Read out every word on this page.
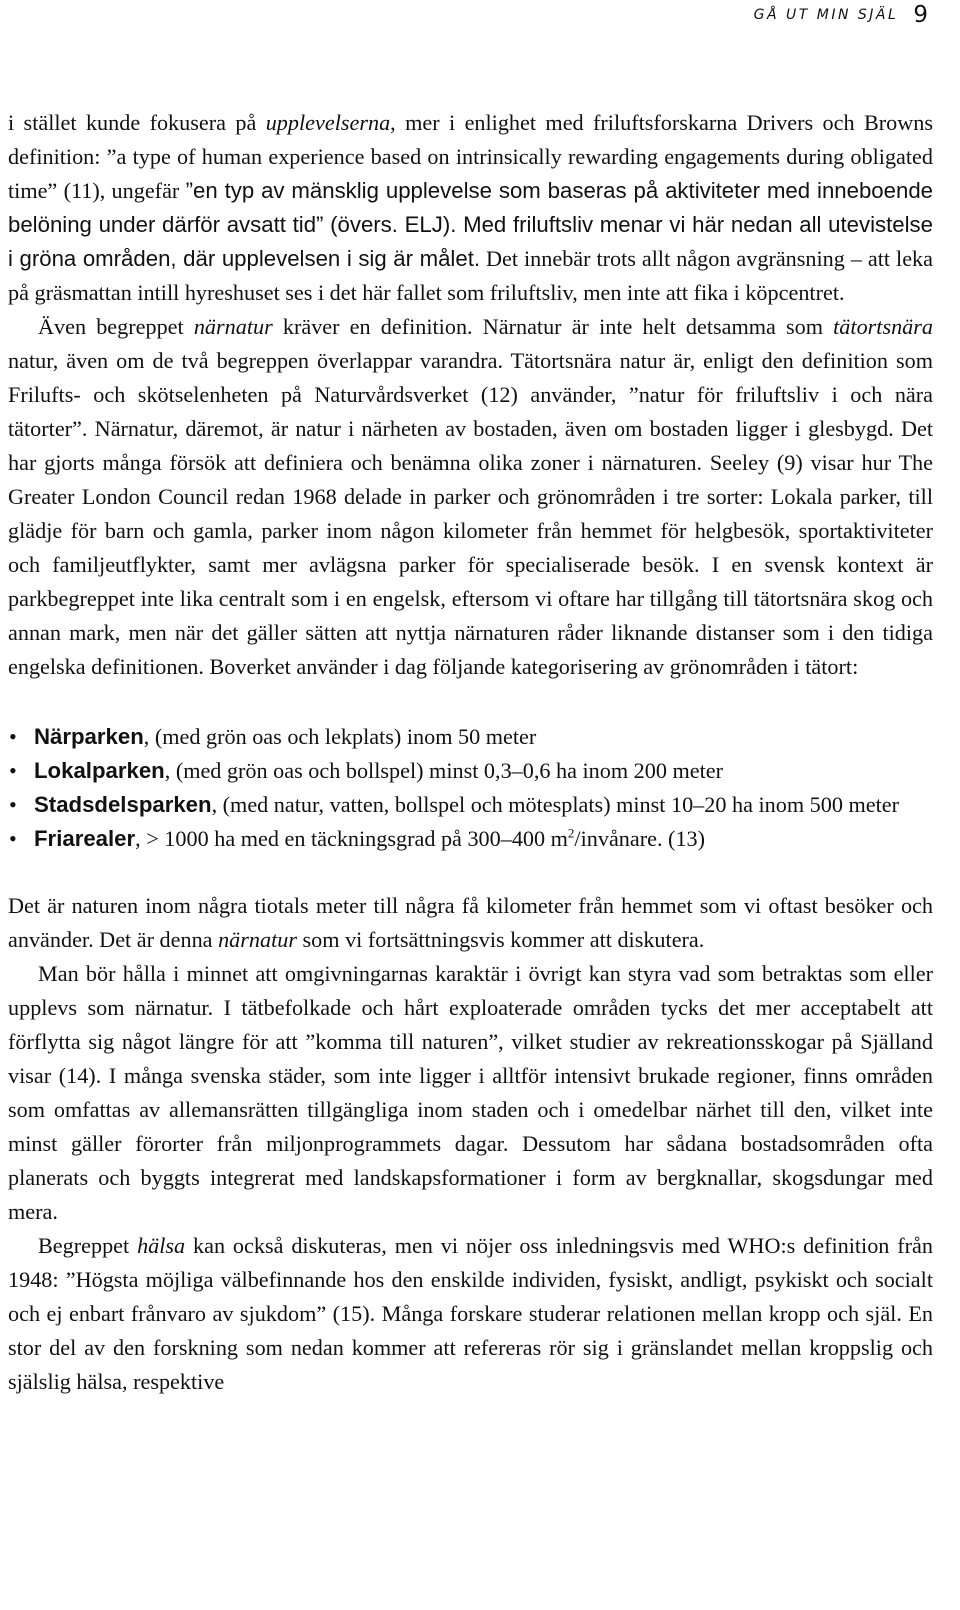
GÅ UT MIN SJÄL 9

i stället kunde fokusera på upplevelserna, mer i enlighet med friluftsforskarna Drivers och Browns definition: ”a type of human experience based on intrinsically rewarding engagements during obligated time” (11), ungefär ”en typ av mänsklig upplevelse som baseras på aktiviteter med inneboende belöning under därför avsatt tid” (övers. ELJ). Med friluftsliv menar vi här nedan all utevistelse i gröna områden, där upplevelsen i sig är målet. Det innebär trots allt någon avgränsning – att leka på gräsmattan intill hyreshuset ses i det här fallet som friluftsliv, men inte att fika i köpcentret.

Även begreppet närnatur kräver en definition. Närnatur är inte helt detsamma som tätortsnära natur, även om de två begreppen överlappar varandra. Tätortsnära natur är, enligt den definition som Frilufts- och skötselenheten på Naturvårdsverket (12) använder, ”natur för friluftsliv i och nära tätorter”. Närnatur, däremot, är natur i närheten av bostaden, även om bostaden ligger i glesbygd. Det har gjorts många försök att definiera och benämna olika zoner i närnaturen. Seeley (9) visar hur The Greater London Council redan 1968 delade in parker och grönområden i tre sorter: Lokala parker, till glädje för barn och gamla, parker inom någon kilometer från hemmet för helgbesök, sportaktiviteter och familjeutflykter, samt mer avlägsna parker för specialiserade besök. I en svensk kontext är parkbegreppet inte lika centralt som i en engelsk, eftersom vi oftare har tillgång till tätortsnära skog och annan mark, men när det gäller sätten att nyttja närnaturen råder liknande distanser som i den tidiga engelska definitionen. Boverket använder i dag följande kategorisering av grönområden i tätort:

• Närparken, (med grön oas och lekplats) inom 50 meter
• Lokalparken, (med grön oas och bollspel) minst 0,3–0,6 ha inom 200 meter
• Stadsdelsparken, (med natur, vatten, bollspel och mötesplats) minst 10–20 ha inom 500 meter
• Friarealer, > 1000 ha med en täckningsgrad på 300–400 $m^2$/invånare. (13)

Det är naturen inom några tiotals meter till några få kilometer från hemmet som vi oftast besöker och använder. Det är denna närnatur som vi fortsättningsvis kommer att diskutera.

Man bör hålla i minnet att omgivningarnas karaktär i övrigt kan styra vad som betraktas som eller upplevs som närnatur. I tätbefolkade och hårt exploaterade områden tycks det mer acceptabelt att förflytta sig något längre för att ”komma till naturen”, vilket studier av rekreationsskogar på Själland visar (14). I många svenska städer, som inte ligger i alltför intensivt brukade regioner, finns områden som omfattas av allemansrätten tillgängliga inom staden och i omedelbar närhet till den, vilket inte minst gäller förorter från miljonprogrammets dagar. Dessutom har sådana bostadsområden ofta planerats och byggts integrerat med landskapsformationer i form av bergknallar, skogsdungar med mera.

Begreppet hälsa kan också diskuteras, men vi nöjer oss inledningsvis med WHO:s definition från 1948: ”Högsta möjliga välbefinnande hos den enskilde individen, fysiskt, andligt, psykiskt och socialt och ej enbart frånvaro av sjukdom” (15). Många forskare studerar relationen mellan kropp och själ. En stor del av den forskning som nedan kommer att refereras rör sig i gränslandet mellan kroppslig och själslig hälsa, respektive
